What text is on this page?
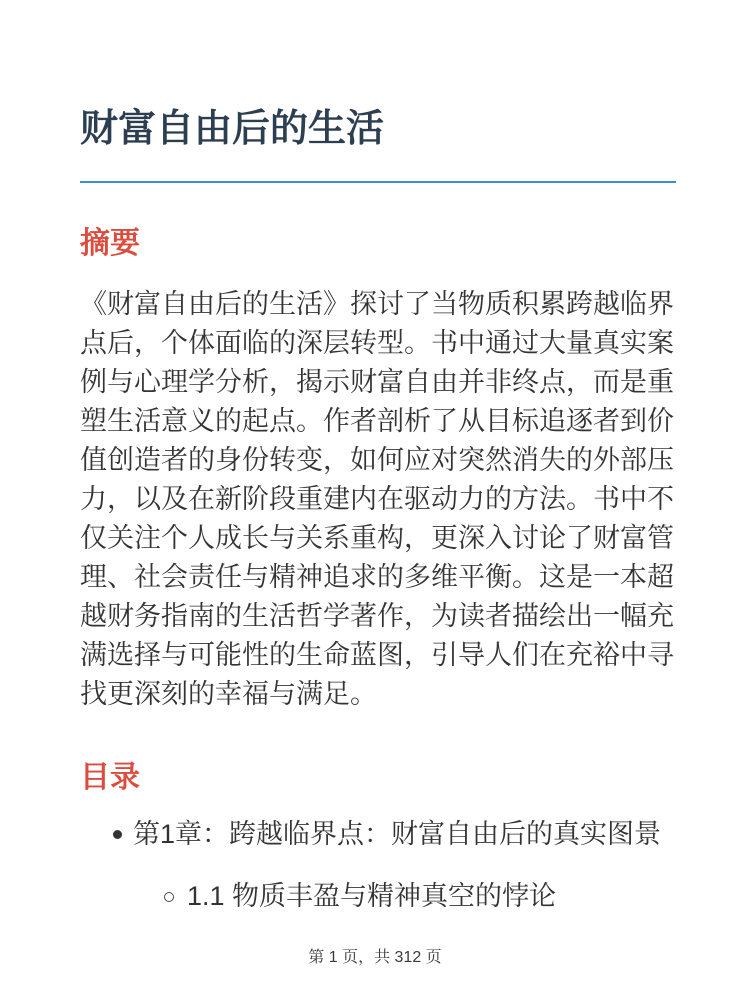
财富自由后的生活
摘要

《财富自由后的生活》探讨了当物质积累跨越临界点后，个体面临的深层转型。书中通过大量真实案例与心理学分析，揭示财富自由并非终点，而是重塑生活意义的起点。作者剖析了从目标追逐者到价值创造者的身份转变，如何应对突然消失的外部压力，以及在新阶段重建内在驱动力的方法。书中不仅关注个人成长与关系重构，更深入讨论了财富管理、社会责任与精神追求的多维平衡。这是一本超越财务指南的生活哲学著作，为读者描绘出一幅充满选择与可能性的生命蓝图，引导人们在充裕中寻找更深刻的幸福与满足。

目录
第1章：跨越临界点：财富自由后的真实图景
1.1 物质丰盈与精神真空的悖论
第 1 页，共 312 页
